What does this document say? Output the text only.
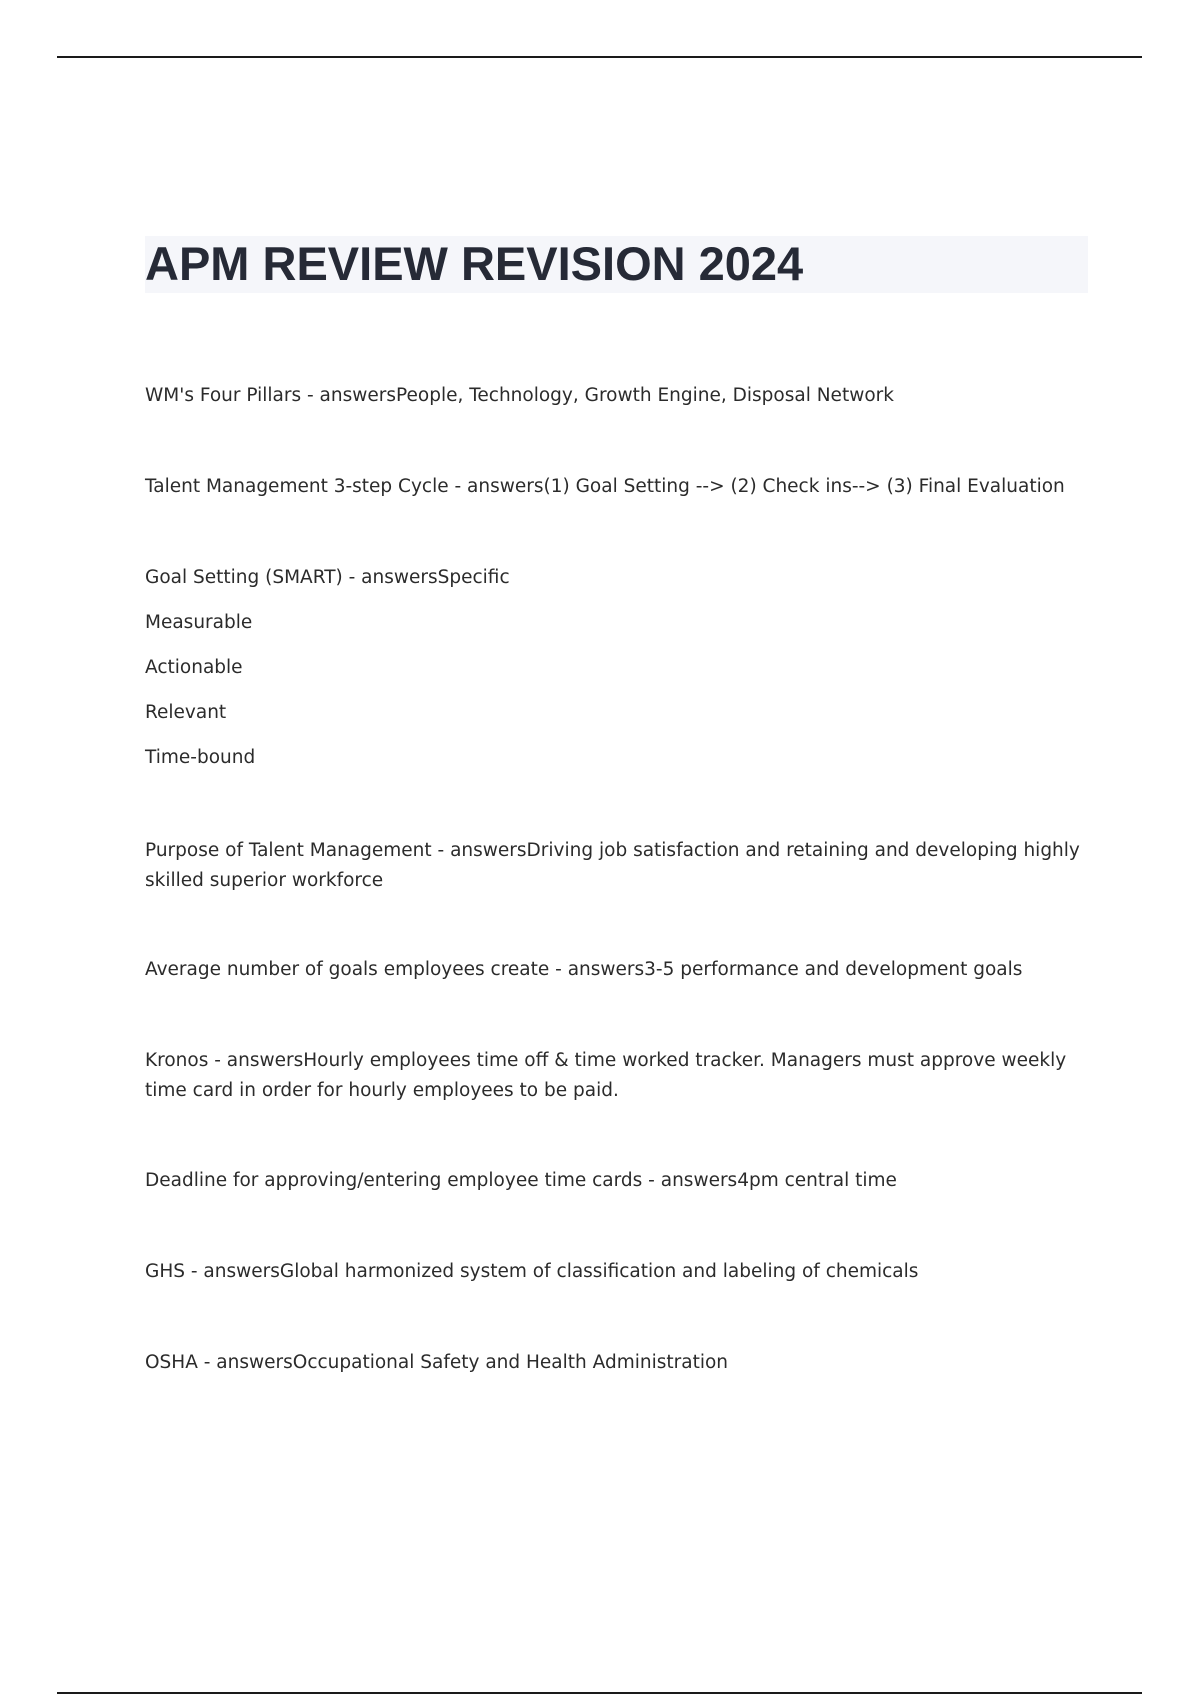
APM REVIEW REVISION 2024

WM's Four Pillars - answersPeople, Technology, Growth Engine, Disposal Network

Talent Management 3-step Cycle - answers(1) Goal Setting --> (2) Check ins--> (3) Final Evaluation

Goal Setting (SMART) - answersSpecific

Measurable

Actionable

Relevant

Time-bound

Purpose of Talent Management - answersDriving job satisfaction and retaining and developing highly skilled superior workforce

Average number of goals employees create - answers3-5 performance and development goals

Kronos - answersHourly employees time off & time worked tracker. Managers must approve weekly time card in order for hourly employees to be paid.

Deadline for approving/entering employee time cards - answers4pm central time

GHS - answersGlobal harmonized system of classification and labeling of chemicals

OSHA - answersOccupational Safety and Health Administration
